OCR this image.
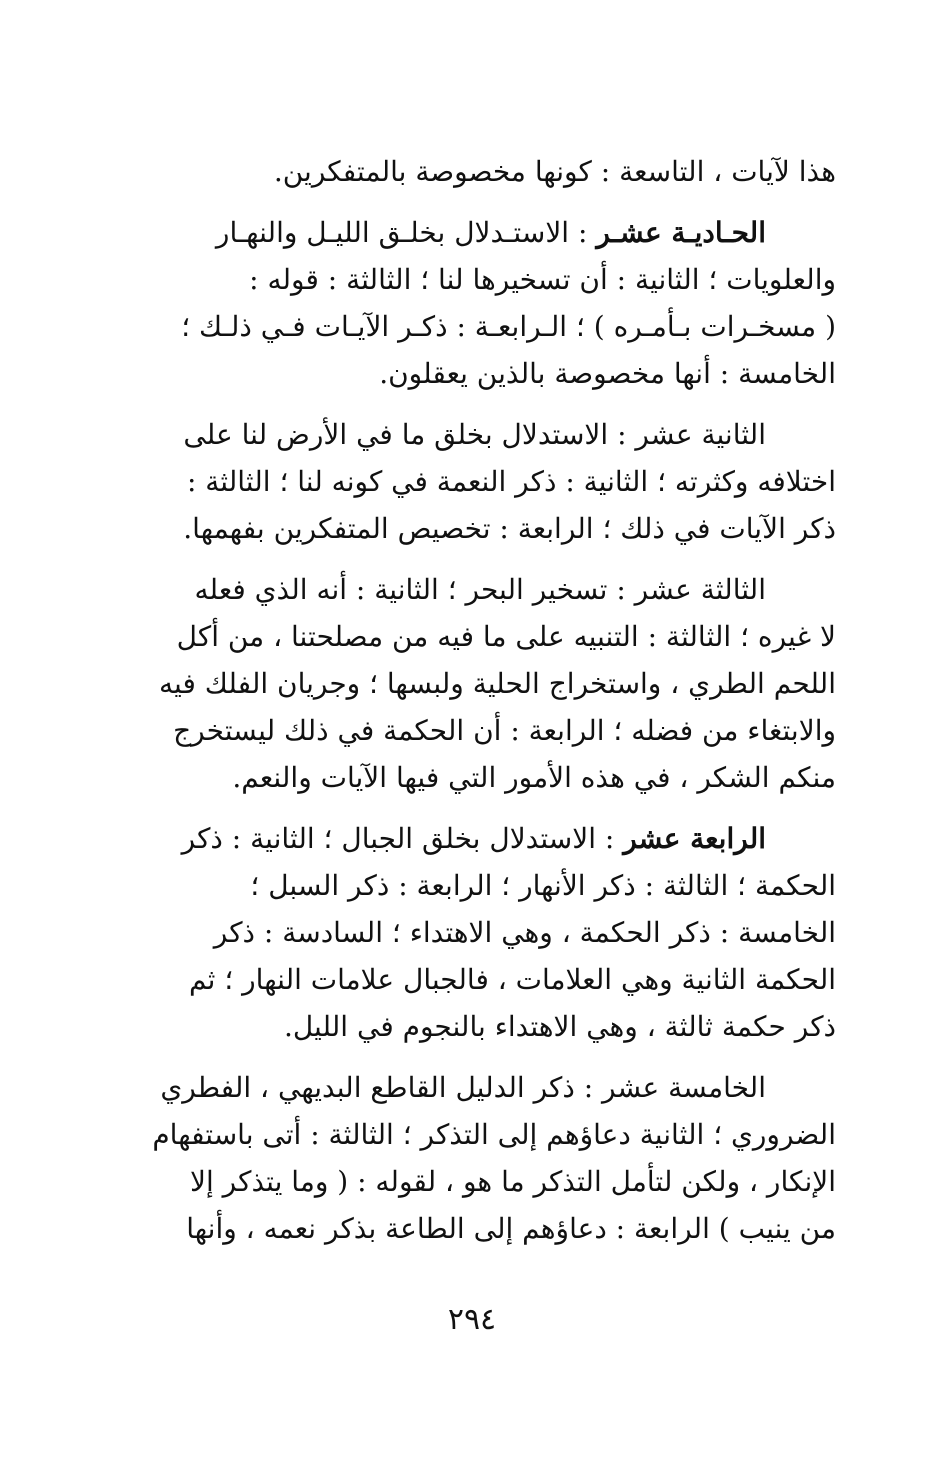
هذا لآيات ، التاسعة : كونها مخصوصة بالمتفكرين.

الحـاديـة عشـر : الاستـدلال بخلـق الليـل والنهـار
والعلويات ؛ الثانية : أن تسخيرها لنا ؛ الثالثة : قوله :
( مسخـرات بـأمـره ) ؛ الـرابعـة : ذكـر الآيـات فـي ذلـك ؛
الخامسة : أنها مخصوصة بالذين يعقلون.

الثانية عشر : الاستدلال بخلق ما في الأرض لنا على
اختلافه وكثرته ؛ الثانية : ذكر النعمة في كونه لنا ؛ الثالثة :
ذكر الآيات في ذلك ؛ الرابعة : تخصيص المتفكرين بفهمها.

الثالثة عشر : تسخير البحر ؛ الثانية : أنه الذي فعله
لا غيره ؛ الثالثة : التنبيه على ما فيه من مصلحتنا ، من أكل
اللحم الطري ، واستخراج الحلية ولبسها ؛ وجريان الفلك فيه
والابتغاء من فضله ؛ الرابعة : أن الحكمة في ذلك ليستخرج
منكم الشكر ، في هذه الأمور التي فيها الآيات والنعم.

الرابعة عشر : الاستدلال بخلق الجبال ؛ الثانية : ذكر
الحكمة ؛ الثالثة : ذكر الأنهار ؛ الرابعة : ذكر السبل ؛
الخامسة : ذكر الحكمة ، وهي الاهتداء ؛ السادسة : ذكر
الحكمة الثانية وهي العلامات ، فالجبال علامات النهار ؛ ثم
ذكر حكمة ثالثة ، وهي الاهتداء بالنجوم في الليل.

الخامسة عشر : ذكر الدليل القاطع البديهي ، الفطري
الضروري ؛ الثانية دعاؤهم إلى التذكر ؛ الثالثة : أتى باستفهام
الإنكار ، ولكن لتأمل التذكر ما هو ، لقوله : ( وما يتذكر إلا
من ينيب ) الرابعة : دعاؤهم إلى الطاعة بذكر نعمه ، وأنها

٢٩٤
